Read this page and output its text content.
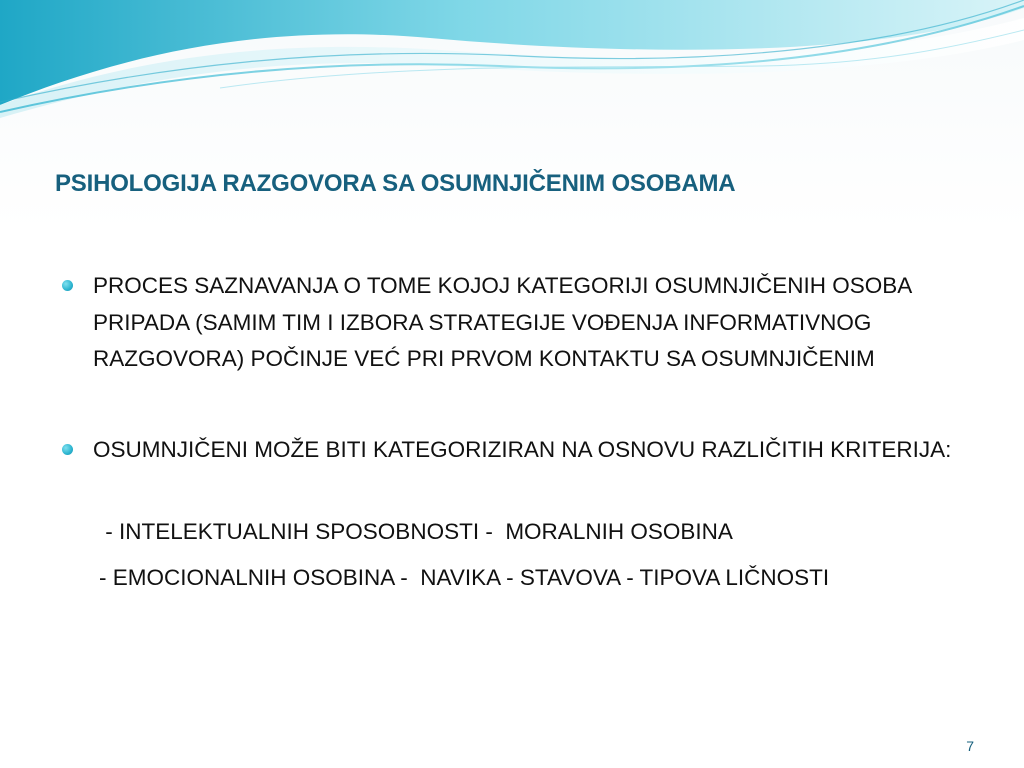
PSIHOLOGIJA RAZGOVORA SA OSUMNJIČENIM OSOBAMA

PROCES SAZNAVANJA O TOME KOJOJ KATEGORIJI OSUMNJIČENIH OSOBA PRIPADA (SAMIM TIM I IZBORA STRATEGIJE VOĐENJA INFORMATIVNOG RAZGOVORA) POČINJE VEĆ PRI PRVOM KONTAKTU SA OSUMNJIČENIM

OSUMNJIČENI MOŽE BITI KATEGORIZIRAN NA OSNOVU RAZLIČITIH KRITERIJA:

- INTELEKTUALNIH SPOSOBNOSTI -  MORALNIH OSOBINA

- EMOCIONALNIH OSOBINA -  NAVIKA - STAVOVA - TIPOVA LIČNOSTI

7
